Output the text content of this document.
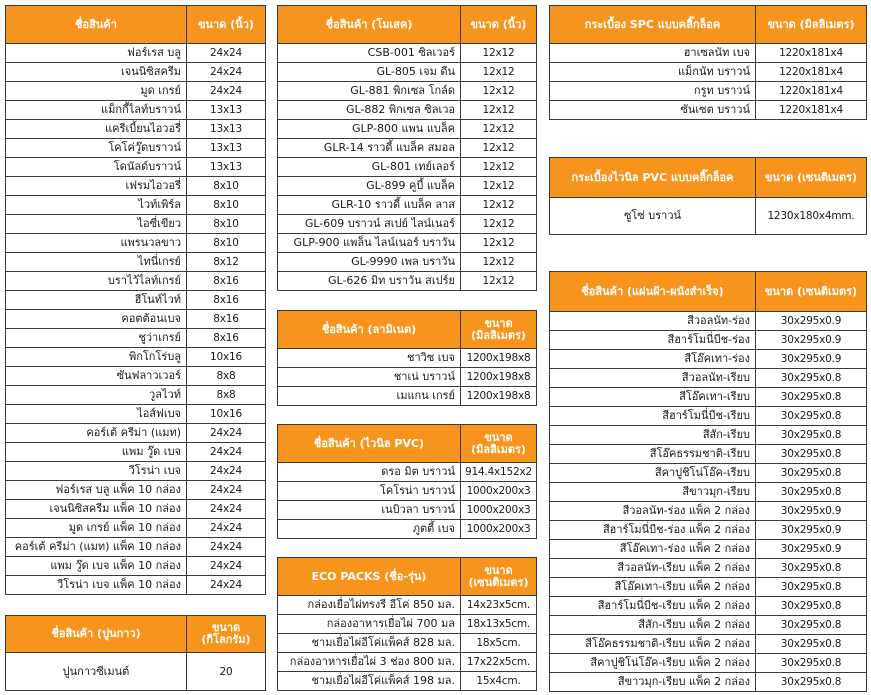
ชื่อสินค้า	ขนาด (นิ้ว)
ฟอร์เรส บลู	24x24
เจนนิซิสครีม	24x24
มูด เกรย์	24x24
แม็กกี้ไลท์บราวน์	13x13
แครีเบี้ยนไอวอรี่	13x13
โคโค่วู๊ดบราวน์	13x13
โดนัลด์บราวน์	13x13
เฟรมไอวอรี่	8x10
ไวท์เพิร์ล	8x10
ไอซี่เขียว	8x10
แพรนวลขาว	8x10
ไทนี่เกรย์	8x12
บราไว้ไลท์เกรย์	8x16
ฮีโนท์ไวท์	8x16
คอตต้อนเบจ	8x16
ชูว่าเกรย์	8x16
พิกโกโร่บลู	10x16
ซันฟลาวเวอร์	8x8
วูลไวท์	8x8
ไอส์ฟเบจ	10x16
คอร์เต้ ครีม่า (แมท)	24x24
แพม วู๊ด เบจ	24x24
วีโรน่า เบจ	24x24
ฟอร์เรส บลู แพ็ค 10 กล่อง	24x24
เจนนิซิสครีม แพ็ค 10 กล่อง	24x24
มูด เกรย์ แพ็ค 10 กล่อง	24x24
คอร์เต้ ครีม่า (แมท) แพ็ค 10 กล่อง	24x24
แพม วู๊ด เบจ แพ็ค 10 กล่อง	24x24
วีโรน่า เบจ แพ็ค 10 กล่อง	24x24
ชื่อสินค้า (ปูนกาว)	ขนาด (กิโลกรัม)
ปูนกาวซีเมนต์	20
ชื่อสินค้า (โมเสค)	ขนาด (นิ้ว)
CSB-001 ซิลเวอร์	12x12
GL-805 เจม ดีน	12x12
GL-881 พิกเซล โกล์ด	12x12
GL-882 พิกเซล ซิลเวอ	12x12
GLP-800 แพน แบล็ค	12x12
GLR-14 ราวดี้ แบล็ค สมอล	12x12
GL-801 เทย์เลอร์	12x12
GL-899 คูบี้ แบล็ค	12x12
GLR-10 ราวดี้ แบล็ค ลาส	12x12
GL-609 บราวน์ สเปย์ ไลน์เนอร์	12x12
GLP-900 แพล็น ไลน์เนอร์ บราวัน	12x12
GL-9990 เพล บราวัน	12x12
GL-626 มิท บราวัน สเปร์ย	12x12
ชื่อสินค้า (ลามิเนต)	ขนาด (มิลลิเมตร)
ชาวิซ เบจ	1200x198x8
ชาเน่ บราวน์	1200x198x8
เมแกน เกรย์	1200x198x8
ชื่อสินค้า (ไวนิล PVC)	ขนาด (มิลลิเมตร)
ดรอ มิต บราวน์	914.4x152x2
โคโรน่า บราวน์	1000x200x3
เนบิวลา บราวน์	1000x200x3
ภูตตี้ เบจ	1000x200x3
ECO PACKS (ชื่อ-รุ่น)	ขนาด (เซนติเมตร)
กล่องเยื่อไผ่ทรงรี อีโค่ 850 มล.	14x23x5cm.
กล่องอาหารเยื่อไผ่ 700 มล	18x13x5cm.
ชามเยื่อไผ่อีโค่แพ็คส์ 828 มล.	18x5cm.
กล่องอาหารเยื่อไผ่ 3 ช่อง 800 มล.	17x22x5cm.
ชามเยื่อไผ่อีโค่แพ็คส์ 198 มล.	15x4cm.
กระเบื้อง SPC แบบคลิ๊กล็อค	ขนาด (มิลลิเมตร)
ฮาเซลนัท เบจ	1220x181x4
แม็กนัท บราวน์	1220x181x4
กรูท บราวน์	1220x181x4
ซันเซต บราวน์	1220x181x4
กระเบื้องไวนิล PVC แบบคลิ๊กล็อค	ขนาด (เซนติเมตร)
ซูโซ่ บราวน์	1230x180x4mm.
ชื่อสินค้า (แผ่นฝ้า-ผนังสำเร็จ)	ขนาด (เซนติเมตร)
สีวอลนัท-ร่อง	30x295x0.9
สีฮาร์โมนี่บีช-ร่อง	30x295x0.9
สีโอ๊คเทา-ร่อง	30x295x0.9
สีวอลนัท-เรียบ	30x295x0.8
สีโอ๊คเทา-เรียบ	30x295x0.8
สีฮาร์โมนี่บีช-เรียบ	30x295x0.8
สีสัก-เรียบ	30x295x0.8
สีโอ๊คธรรมชาติ-เรียบ	30x295x0.8
สีคาปูชิโน่โอ๊ค-เรียบ	30x295x0.8
สีขาวมุก-เรียบ	30x295x0.8
สีวอลนัท-ร่อง แพ็ค 2 กล่อง	30x295x0.9
สีฮาร์โมนี่บีช-ร่อง แพ็ค 2 กล่อง	30x295x0.9
สีโอ๊คเทา-ร่อง แพ็ค 2 กล่อง	30x295x0.9
สีวอลนัท-เรียบ แพ็ค 2 กล่อง	30x295x0.8
สีโอ๊คเทา-เรียบ แพ็ค 2 กล่อง	30x295x0.8
สีฮาร์โมนี่บีช-เรียบ แพ็ค 2 กล่อง	30x295x0.8
สีสัก-เรียบ แพ็ค 2 กล่อง	30x295x0.8
สีโอ๊คธรรมชาติ-เรียบ แพ็ค 2 กล่อง	30x295x0.8
สีคาปูชิโน่โอ๊ค-เรียบ แพ็ค 2 กล่อง	30x295x0.8
สีขาวมุก-เรียบ แพ็ค 2 กล่อง	30x295x0.8
